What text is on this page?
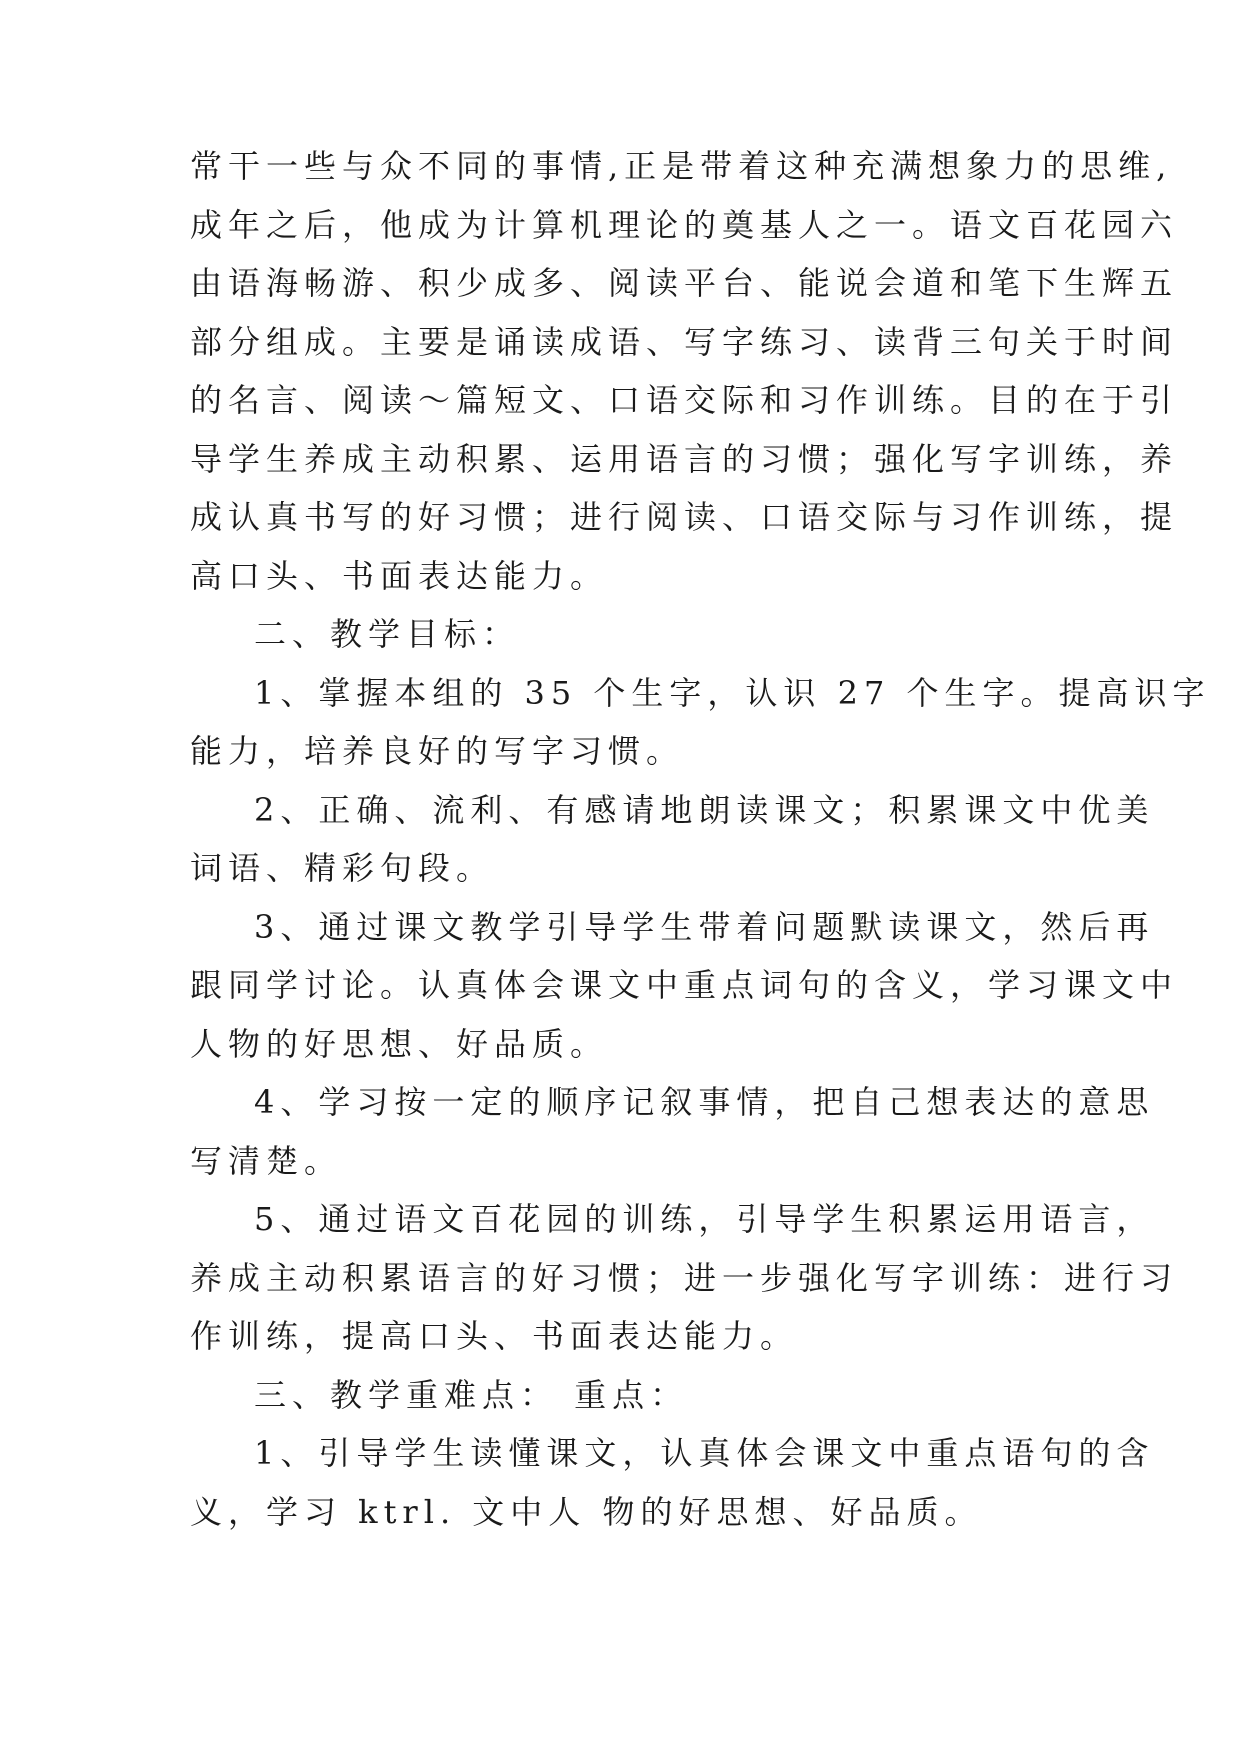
常干一些与众不同的事情,正是带着这种充满想象力的思维,
成年之后，他成为计算机理论的奠基人之一。语文百花园六
由语海畅游、积少成多、阅读平台、能说会道和笔下生辉五
部分组成。主要是诵读成语、写字练习、读背三句关于时间
的名言、阅读～篇短文、口语交际和习作训练。目的在于引
导学生养成主动积累、运用语言的习惯；强化写字训练，养
成认真书写的好习惯；进行阅读、口语交际与习作训练，提
高口头、书面表达能力。
二、教学目标：
1、掌握本组的 35 个生字，认识 27 个生字。提高识字
能力，培养良好的写字习惯。
2、正确、流利、有感请地朗读课文；积累课文中优美
词语、精彩句段。
3、通过课文教学引导学生带着问题默读课文，然后再
跟同学讨论。认真体会课文中重点词句的含义，学习课文中
人物的好思想、好品质。
4、学习按一定的顺序记叙事情，把自己想表达的意思
写清楚。
5、通过语文百花园的训练，引导学生积累运用语言，
养成主动积累语言的好习惯；进一步强化写字训练：进行习
作训练，提高口头、书面表达能力。
三、教学重难点： 重点：
1、引导学生读懂课文，认真体会课文中重点语句的含
义，学习 ktrl. 文中人 物的好思想、好品质。
